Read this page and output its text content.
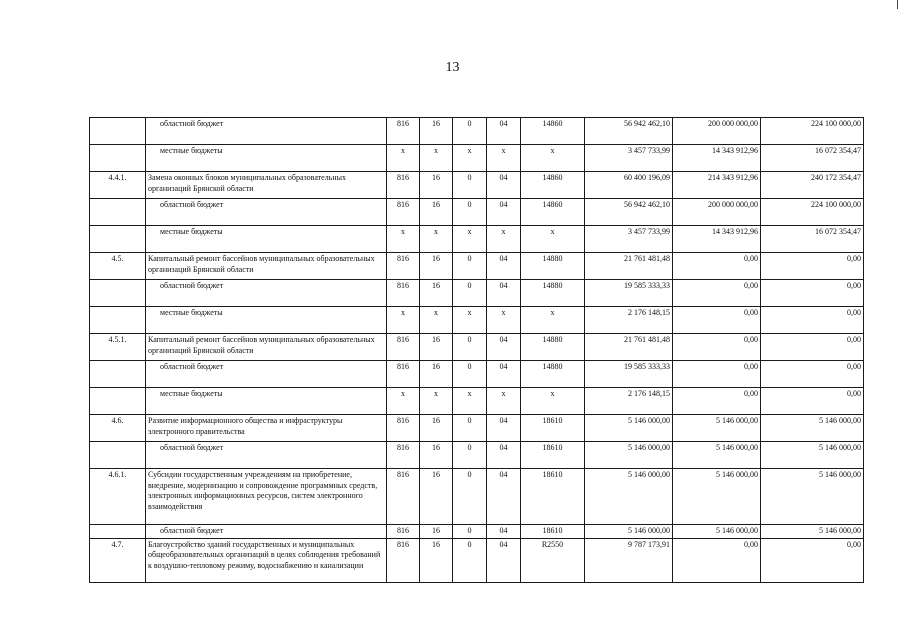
13
	областной бюджет	816	16	0	04	14860	56 942 462,10	200 000 000,00	224 100 000,00
	местные бюджеты	x	x	x	x	x	3 457 733,99	14 343 912,96	16 072 354,47
4.4.1.	Замена оконных блоков муниципальных образовательных организаций Брянской области	816	16	0	04	14860	60 400 196,09	214 343 912,96	240 172 354,47
	областной бюджет	816	16	0	04	14860	56 942 462,10	200 000 000,00	224 100 000,00
	местные бюджеты	x	x	x	x	x	3 457 733,99	14 343 912,96	16 072 354,47
4.5.	Капитальный ремонт бассейнов муниципальных образовательных организаций Брянской области	816	16	0	04	14880	21 761 481,48	0,00	0,00
	областной бюджет	816	16	0	04	14880	19 585 333,33	0,00	0,00
	местные бюджеты	x	x	x	x	x	2 176 148,15	0,00	0,00
4.5.1.	Капитальный ремонт бассейнов муниципальных образовательных организаций Брянской области	816	16	0	04	14880	21 761 481,48	0,00	0,00
	областной бюджет	816	16	0	04	14880	19 585 333,33	0,00	0,00
	местные бюджеты	x	x	x	x	x	2 176 148,15	0,00	0,00
4.6.	Развитие информационного общества и инфраструктуры электронного правительства	816	16	0	04	18610	5 146 000,00	5 146 000,00	5 146 000,00
	областной бюджет	816	16	0	04	18610	5 146 000,00	5 146 000,00	5 146 000,00
4.6.1.	Субсидии государственным учреждениям на приобретение, внедрение, модернизацию и сопровождение программных средств, электронных информационных ресурсов, систем электронного взаимодействия	816	16	0	04	18610	5 146 000,00	5 146 000,00	5 146 000,00
	областной бюджет	816	16	0	04	18610	5 146 000,00	5 146 000,00	5 146 000,00
4.7.	Благоустройство зданий государственных и муниципальных общеобразовательных организаций в целях соблюдения требований к воздушно-тепловому режиму, водоснабжению и канализации	816	16	0	04	R2550	9 787 173,91	0,00	0,00
